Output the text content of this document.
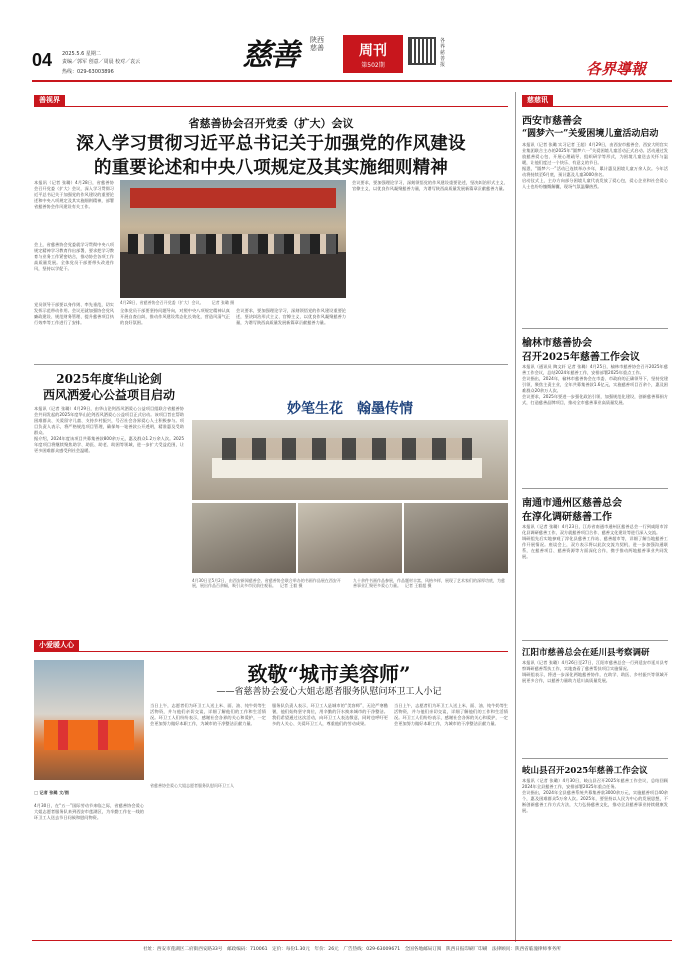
04 2025.5.6 星期二
责编／郭军 创意／周晨 校对／袁云
热线：029-63003896	慈善 陕西慈善	周刊
第502期
各界慈善报	各界導報
善视界
省慈善协会召开党委（扩大）会议
深入学习贯彻习近平总书记关于加强党的作风建设
的重要论述和中央八项规定及其实施细则精神
本报讯（记者 张璐）4月28日，省慈善协会召开党委（扩大）会议，深入学习贯彻习近平总书记关于加强党的作风建设的重要论述和中央八项规定及其实施细则精神，部署省慈善协会作风建设有关工作。
会上，省慈善协会党委就学习贯彻中央八项规定精神学习教育作出部署，要求把学习教育与业务工作紧密结合，推动协会各项工作高质量发展。全体党员干部要带头改进作风，坚持以学促干。
党员领导干部要以身作则、率先垂范，切实发挥示范带动作用。会议还就加强协会党风廉政建设、规范财务管理、提升慈善项目执行效率等工作进行了安排。
4月28日，省慈善协会召开党委（扩大）会议。　　记者 张璐 摄
全体党员干部要坚持问题导向，对照中央八项规定精神认真开展自查自纠，推动作风建设常态化长效化，营造风清气正的良好氛围。
会议要求，要加强理论学习，深刻领悟党的作风建设重要论述，坚决纠治形式主义、官僚主义，以优良作风凝聚慈善力量，为谱写陕西高质量发展新篇章贡献慈善力量。
会议要求，要加强理论学习，深刻领悟党的作风建设重要论述，坚决纠治形式主义、官僚主义，以优良作风凝聚慈善力量，为谱写陕西高质量发展新篇章贡献慈善力量。
2025年度华山论剑
西风洒爱心公益项目启动
本报讯（记者 张璐）4月29日，由华山论剑西风洒爱心公益项目组联合省慈善协会共同发起的2025年度华山论剑西风洒爱心公益项目正式启动。该项目旨在帮助困难群众、关爱留守儿童、支持乡村振兴，号召社会各界爱心人士积极参与。项目负责人表示，将严格规范项目管理，确保每一笔善款公开透明，精准惠及受助群众。
据介绍，2024年度该项目共募集善款800余万元，惠及群众1.2万余人次。2025年度项目将继续聚焦助学、助医、助老、助困等领域，进一步扩大受益范围，让更多困难群众感受到社会温暖。
妙笔生花　翰墨传情
4月30日至5月2日，由西安新闻慈善会、省慈善协会联合举办的书画作品展在西安开展，展出作品百余幅，吸引众多市民前往观看。　记者 王毅 摄
九十余件书画作品参展，作品题材丰富、风格多样，展现了艺术家们的深厚功底，为慈善事业汇聚更多爱心力量。　记者 王毅超 摄
小爱暖人心
致敬“城市美容师”
——省慈善协会爱心大姐志愿者服务队慰问环卫工人小记
省慈善协会爱心大姐志愿者服务队慰问环卫工人
□ 记者 张璐 文/图
4月30日，在“五一”国际劳动节来临之际，省慈善协会爱心大姐志愿者服务队来到西安市莲湖区，为辛勤工作在一线的环卫工人送去节日问候和慰问物资。
当日上午，志愿者们为环卫工人送上米、面、油、纯牛奶等生活物资，并与他们亲切交谈，详细了解他们的工作和生活情况。环卫工人们纷纷表示，感谢社会各界的关心和爱护，一定会更加努力做好本职工作，为城市的干净整洁贡献力量。
服务队负责人表示，环卫工人是城市的“美容师”，无论严寒酷暑，他们始终坚守岗位，用辛勤的汗水换来城市的干净整洁。我们希望通过这次活动，向环卫工人表达敬意，同时也呼吁更多的人关心、关爱环卫工人，尊重他们的劳动成果。
当日上午，志愿者们为环卫工人送上米、面、油、纯牛奶等生活物资，并与他们亲切交谈，详细了解他们的工作和生活情况。环卫工人们纷纷表示，感谢社会各界的关心和爱护，一定会更加努力做好本职工作，为城市的干净整洁贡献力量。
慈慈讯
西安市慈善会
“圆梦六一”关爱困境儿童活动启动
本报讯（记者 张璐 实习记者 王超）4月29日，由西安市慈善会、西安大明宫实业集团联合主办的2025年“圆梦六一”关爱困境儿童活动正式启动。活动通过发放慈善爱心包、开展心理疏导、组织研学等形式，为困境儿童送去关怀与温暖，让他们度过一个快乐、有意义的节日。
据悉，“圆梦六一”活动已连续举办多年，累计惠及困境儿童万余人次。今年活动将持续至6月底，预计惠及儿童3000余名。
启动仪式上，主办方向部分困境儿童代表发放了爱心包，爱心企业和社会爱心人士也纷纷慷慨解囊，现场气氛温馨热烈。
榆林市慈善协会
召开2025年慈善工作会议
本报讯（通讯员 陶文轩 记者 张璐）4月25日，榆林市慈善协会召开2025年慈善工作会议，总结2024年慈善工作，安排部署2025年重点工作。
会议指出，2024年，榆林市慈善协会在市委、市政府的正确领导下，坚持党建引领，聚焦主责主业，全年共募集善款1.6亿元，实施慈善项目百余个，惠及困难群众20余万人次。
会议要求，2025年要进一步强化政治引领，加强规范化建设，创新慈善募捐方式，打造慈善品牌项目，推动全市慈善事业高质量发展。
南通市通州区慈善总会
在淳化调研慈善工作
本报讯（记者 张璐）4月23日，江苏省南通市通州区慈善总会一行到咸阳市淳化县调研慈善工作，双方就慈善项目合作、慈善文化建设等进行深入交流。
调研组先后实地参观了淳化县慈善工作站、慈善超市等，详细了解当地慈善工作开展情况。座谈会上，双方表示将以此次交流为契机，进一步加强沟通联系，在慈善项目、慈善资源等方面深化合作，携手推动两地慈善事业共同发展。
江阳市慈善总会在延川县考察调研
本报讯（记者 张璐）4月26日至27日，江阳市慈善总会一行到延安市延川县考察调研慈善帮扶工作，实地查看了慈善帮扶项目实施情况。
调研组表示，将进一步深化两地慈善协作，在助学、助医、乡村振兴等领域开展更多合作，以慈善力量助力延川高质量发展。
岐山县召开2025年慈善工作会议
本报讯（记者 张璐）4月30日，岐山县召开2025年慈善工作会议，总结回顾2024年全县慈善工作，安排部署2025年重点任务。
会议指出，2024年全县慈善系统共募集善款3000余万元，实施慈善项目40余个，惠及困难群众5万余人次。2025年，要坚持以人民为中心的发展思想，不断创新慈善工作方式方法，大力弘扬慈善文化，推动全县慈善事业持续健康发展。
社址：西安市莲湖区二府街西安路33号　邮政编码：710061　定价：每份1.30元　年价：26元　广告热线：029-63009671　全国各地邮局订阅　陕西日报印刷厂印刷　法律顾问：陕西省临潼律师事务所
